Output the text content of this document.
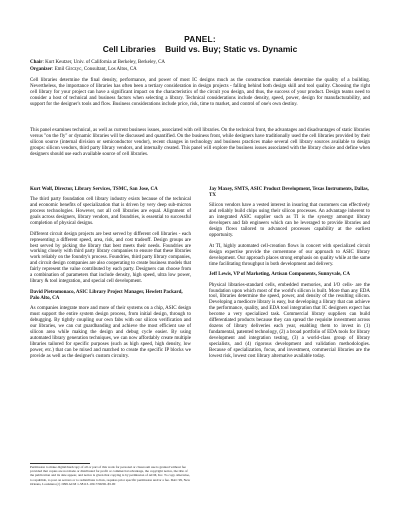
PANEL:
Cell Libraries    Build vs. Buy; Static vs. Dynamic
Chair: Kurt Keutzer, Univ. of California at Berkeley, Berkeley, CA
Organizer: Emil Girczyc, Consultant, Los Altos, CA
Cell libraries determine the final density, performance, and power of most IC designs much as the construction materials determine the quality of a building. Nevertheless, the importance of libraries has often been a tertiary consideration in design projects - falling behind both design skill and tool quality. Choosing the right cell library for your project can have a significant impact on the characteristics of the circuit you design, and thus, the success of your product. Design teams need to consider a host of technical and business factors when selecting a library. Technical considerations include density, speed, power, design for manufacturability, and support for the designer's tools and flow. Business considerations include price, risk, time to market, and control of one's own destiny.
This panel examines technical, as well as current business issues, associated with cell libraries. On the technical front, the advantages and disadvantages of static libraries versus "on the fly" or dynamic libraries will be discussed and quantified. On the business front, while designers have traditionally used the cell libraries provided by their silicon source (internal division or semiconductor vendor), recent changes in technology and business practices make several cell library sources available to design groups: silicon vendors, third party library vendors, and internally created. This panel will explore the business issues associated with the library choice and define when designers should use each available source of cell libraries.
Kurt Wolf, Director, Library Services, TSMC, San Jose, CA
The third party foundation cell library industry exists because of the technical and economic benefits of specialization that is driven by very deep sub-micron process technologies. However, not all cell libraries are equal. Alignment of goals across designers, library vendors, and foundries, is essential to successful completion of physical designs.
Different circuit design projects are best served by different cell libraries - each representing a different speed, area, risk, and cost tradeoff. Design groups are best served by picking the library that best meets their needs. Foundries are working closely with third party library companies to ensure that these libraries work reliably on the foundry's process. Foundries, third party library companies, and circuit design companies are also cooperating to create business models that fairly represent the value contributed by each party. Designers can choose from a combination of parameters that include density, high speed, ultra low power, library & tool integration, and special cell development.
David Pietromonaco, ASIC Library Project Manager, Hewlett Packard, Palo Alto, CA
As companies integrate more and more of their systems on a chip, ASIC design must support the entire system design process, from initial design, through to debugging. By tightly coupling our own fabs with our silicon verification and our libraries, we can cut guardbanding and achieve the most efficient use of silicon area while making the design and debug cycle easier. By using automated library generation techniques, we can now affordably create multiple libraries tailored for specific purposes (such as high speed, high density, low power, etc.) that can be mixed and matched to create the specific IP blocks we provide as well as the designer's custom circuitry.
Jay Maxey, SMTS, ASIC Product Development, Texas Instruments, Dallas, TX
Silicon vendors have a vested interest in insuring that customers can effectively and reliably build chips using their silicon processes. An advantage inherent to an integrated ASIC supplier such as TI is the synergy amongst library developers and fab engineers which can be leveraged to provide libraries and design flows tailored to advanced processes capability at the earliest opportunity.
At TI, highly automated cell-creation flows in concert with specialized circuit design expertise provide the cornerstone of our approach to ASIC library development. Our approach places strong emphasis on quality while at the same time facilitating throughput in both development and delivery.
Jeff Lewis, VP of Marketing, Artisan Components, Sunnyvale, CA
Physical libraries-standard cells, embedded memories, and I/O cells- are the foundation upon which most of the world's silicon is built. More than any EDA tool, libraries determine the speed, power, and density of the resulting silicon. Developing a mediocre library is easy, but developing a library that can achieve the performance, quality, and EDA tool integration that IC designers expect has become a very specialized task. Commercial library suppliers can build differentiated products because they can spread the requisite investment across dozens of library deliveries each year, enabling them to invest in (1) fundamental, patented technology, (2) a broad portfolio of EDA tools for library development and integration testing, (3) a world-class group of library specialists, and (4) rigorous development and validation methodologies. Because of specialization, focus, and investment, commercial libraries are the lowest risk, lowest cost library alternative available today.
Permission to make digital/hardcopy of all or part of this work for personal or classroom use is granted without fee provided that copies are not made or distributed for profit or commercial advantage, the copyright notice, the title of the publication and its date appear, and notice is given that copying is by permission of ACM, Inc. To copy otherwise, to republish, to post on servers or to redistribute to lists, requires prior specific permission and/or a fee. DAC 99, New Orleans, Louisiana (c) 1999 ACM 1-58113-109-7/99/06..$5.00
